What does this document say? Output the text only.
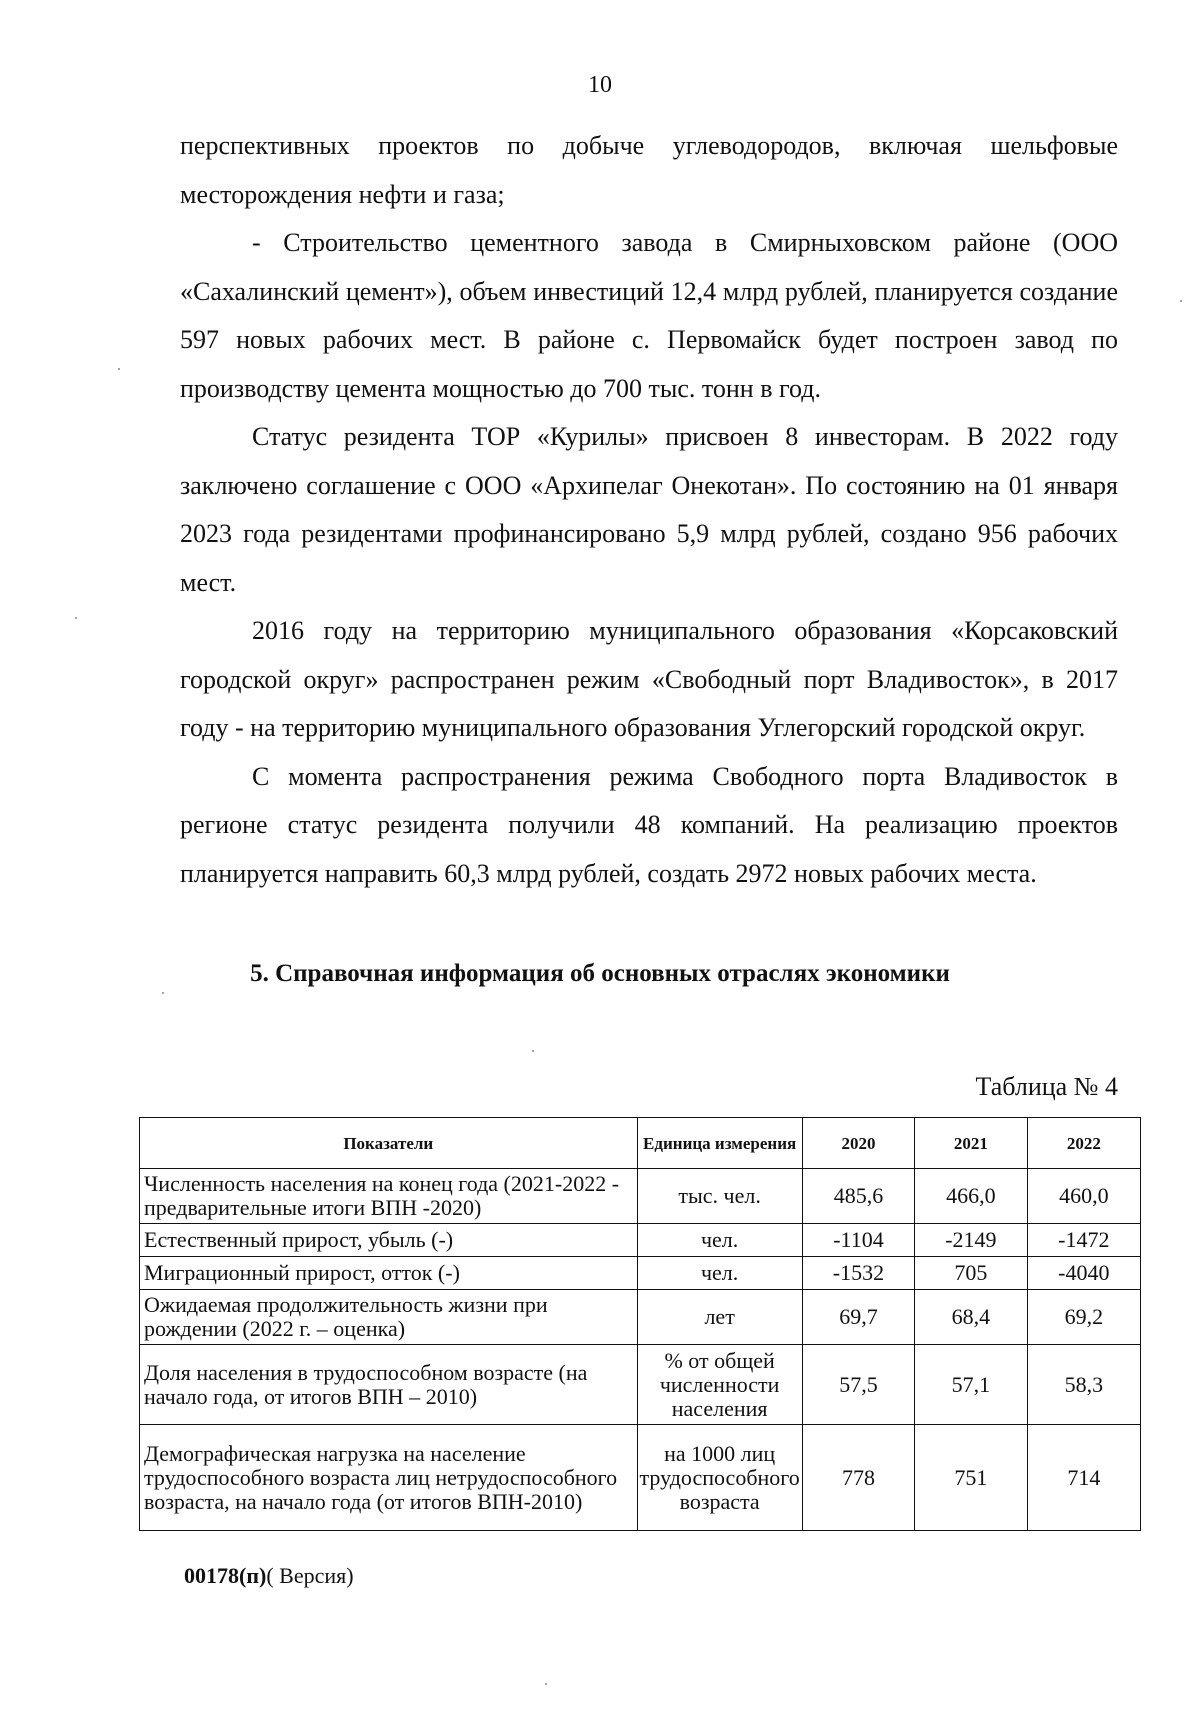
10

перспективных проектов по добыче углеводородов, включая шельфовые месторождения нефти и газа;

- Строительство цементного завода в Смирныховском районе (ООО «Сахалинский цемент»), объем инвестиций 12,4 млрд рублей, планируется создание 597 новых рабочих мест. В районе с. Первомайск будет построен завод по производству цемента мощностью до 700 тыс. тонн в год.

Статус резидента ТОР «Курилы» присвоен 8 инвесторам. В 2022 году заключено соглашение с ООО «Архипелаг Онекотан». По состоянию на 01 января 2023 года резидентами профинансировано 5,9 млрд рублей, создано 956 рабочих мест.

2016 году на территорию муниципального образования «Корсаковский городской округ» распространен режим «Свободный порт Владивосток», в 2017 году - на территорию муниципального образования Углегорский городской округ.

С момента распространения режима Свободного порта Владивосток в регионе статус резидента получили 48 компаний. На реализацию проектов планируется направить 60,3 млрд рублей, создать 2972 новых рабочих места.

5. Справочная информация об основных отраслях экономики
Таблица № 4
Показатели	Единица измерения	2020	2021	2022
Численность населения на конец года (2021-2022 - предварительные итоги ВПН -2020)	тыс. чел.	485,6	466,0	460,0
Естественный прирост, убыль (-)	чел.	-1104	-2149	-1472
Миграционный прирост, отток (-)	чел.	-1532	705	-4040
Ожидаемая продолжительность жизни при рождении (2022 г. – оценка)	лет	69,7	68,4	69,2
Доля населения в трудоспособном возрасте (на начало года, от итогов ВПН – 2010)	% от общей численности населения	57,5	57,1	58,3
Демографическая нагрузка на население трудоспособного возраста лиц нетрудоспособного возраста, на начало года (от итогов ВПН-2010)	на 1000 лиц трудоспособного возраста	778	751	714
00178(п)( Версия)
